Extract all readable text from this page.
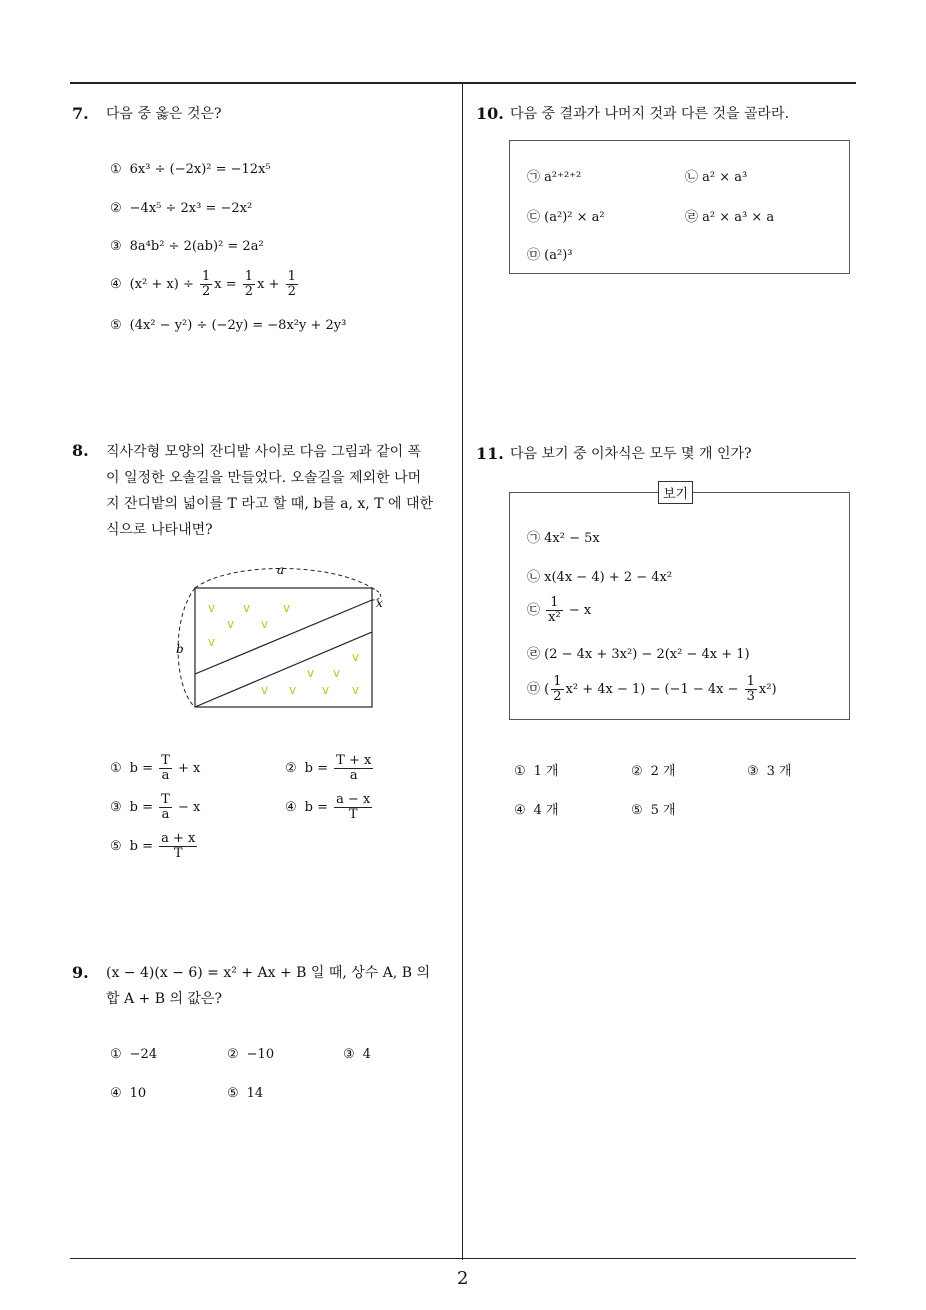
2
7. 다음 중 옳은 것은?
① 6x³ ÷ (−2x)² = −12x⁵
② −4x⁵ ÷ 2x³ = −2x²
③ 8a⁴b² ÷ 2(ab)² = 2a²
④ $(x^2 + x) \div \frac{1}{2}$ $x = \frac{1}{2}$ $x + \frac{1}{2}$
⑤ (4x² − y²) ÷ (−2y) = −8x²y + 2y³
8. 직사각형 모양의 잔디밭 사이로 다음 그림과 같이 폭
이 일정한 오솔길을 만들었다. 오솔길을 제외한 나머
지 잔디밭의 넓이를 T 라고 할 때, b를 a, x, T 에 대한
식으로 나타내면?
a
b
x
v v	v
v v
v
v
v v
v v v v
① $b = \frac{T}{a} + x$	② $b = \frac{T + x}{a}$
③ $b = \frac{T}{a} - x$	④ $b = \frac{a - x}{T}$
⑤ $b = \frac{a + x}{T}$
9. (x − 4)(x − 6) = x² + Ax + B 일 때, 상수 A, B 의
합 A + B 의 값은?
① −24	② −10	③ 4
④ 10	⑤ 14
10. 다음 중 결과가 나머지 것과 다른 것을 골라라.
㉠ a²⁺²⁺²	㉡ a² × a³
㉢ (a²)² × a²	㉣ a² × a³ × a
㉤ (a²)³
11. 다음 보기 중 이차식은 모두 몇 개 인가?
보기
㉠ 4x² − 5x
㉡ x(4x − 4) + 2 − 4x²
㉢ $\frac{1}{\text{x²}} - x$
㉣ (2 − 4x + 3x²) − 2(x² − 4x + 1)
㉤ ( $\frac{1}{2} x^2 + 4x - 1) - (-1 - 4x - \frac{1}{3} x^2)$
① 1 개	② 2 개	③ 3 개
④ 4 개	⑤ 5 개
